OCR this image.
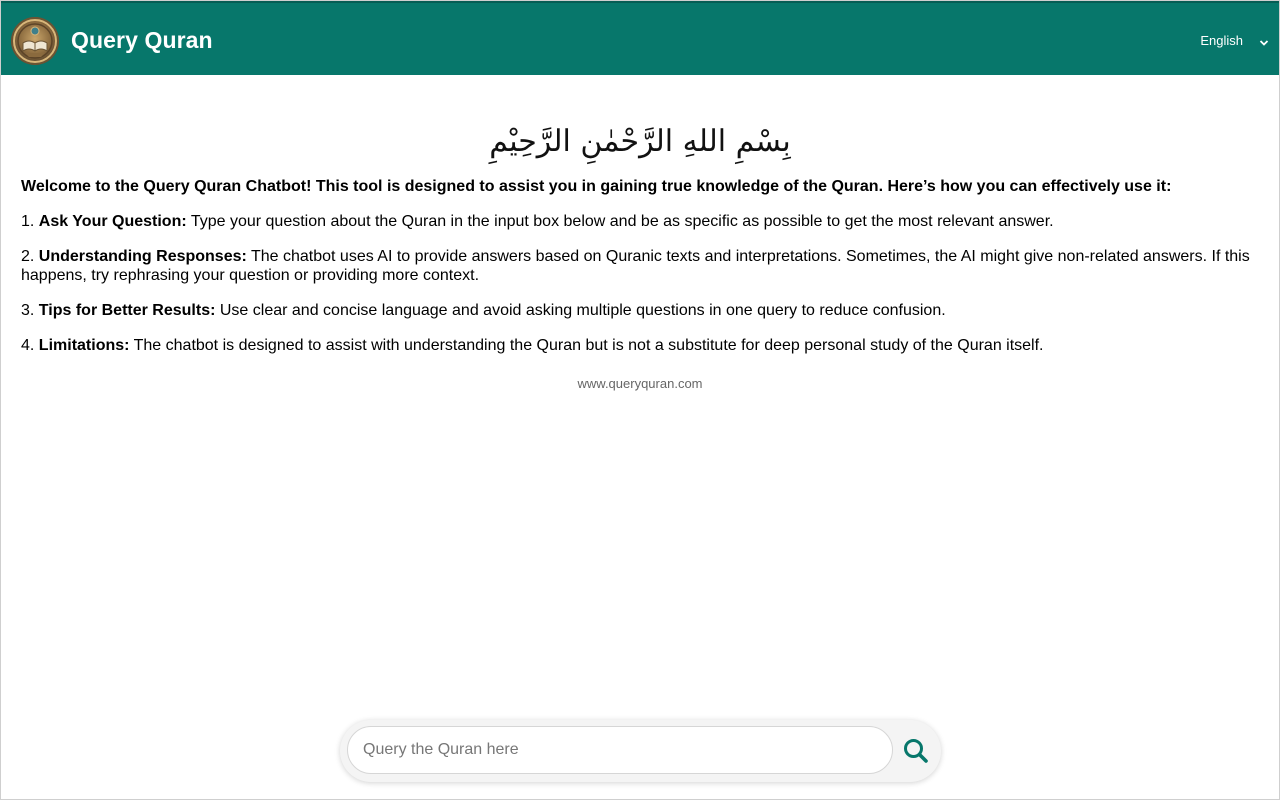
Query Quran	English
بِسْمِ اللهِ الرَّحْمٰنِ الرَّحِيْمِ
Welcome to the Query Quran Chatbot! This tool is designed to assist you in gaining true knowledge of the Quran. Here’s how you can effectively use it:
1. Ask Your Question: Type your question about the Quran in the input box below and be as specific as possible to get the most relevant answer.
2. Understanding Responses: The chatbot uses AI to provide answers based on Quranic texts and interpretations. Sometimes, the AI might give non-related answers. If this happens, try rephrasing your question or providing more context.
3. Tips for Better Results: Use clear and concise language and avoid asking multiple questions in one query to reduce confusion.
4. Limitations: The chatbot is designed to assist with understanding the Quran but is not a substitute for deep personal study of the Quran itself.
www.queryquran.com
Query the Quran here
